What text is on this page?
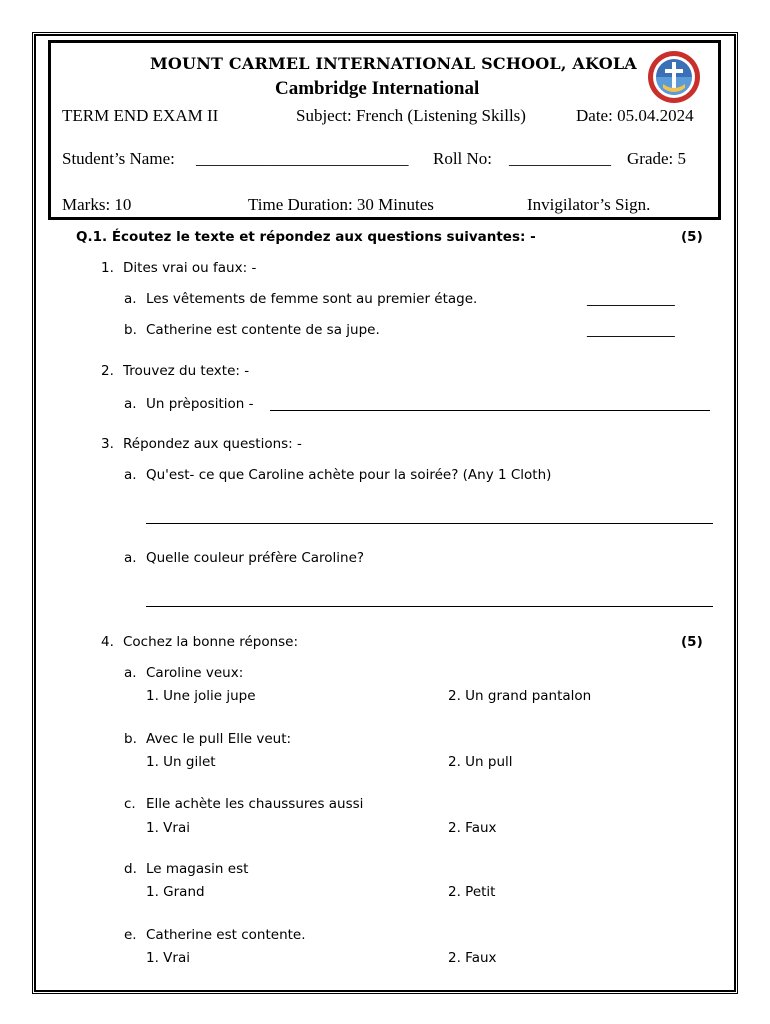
MOUNT CARMEL INTERNATIONAL SCHOOL, AKOLA
Cambridge International
TERM END EXAM II	Subject: French (Listening Skills)	Date: 05.04.2024
Student’s Name: _________________________ Roll No: ____________ Grade: 5
Marks: 10	Time Duration: 30 Minutes	Invigilator’s Sign.
Q.1. Écoutez le texte et répondez aux questions suivantes: -	(5)
1. Dites vrai ou faux: -
a. Les vêtements de femme sont au premier étage.	_____________
b. Catherine est contente de sa jupe.	_____________
2. Trouvez du texte: -
a. Un prèposition -
3. Répondez aux questions: -
a. Qu'est- ce que Caroline achète pour la soirée? (Any 1 Cloth)
a. Quelle couleur préfère Caroline?
4. Cochez la bonne réponse:	(5)
a. Caroline veux:
1. Une jolie jupe	2. Un grand pantalon
b. Avec le pull Elle veut:
1. Un gilet	2. Un pull
c. Elle achète les chaussures aussi
1. Vrai	2. Faux
d. Le magasin est
1. Grand	2. Petit
e. Catherine est contente.
1. Vrai	2. Faux
